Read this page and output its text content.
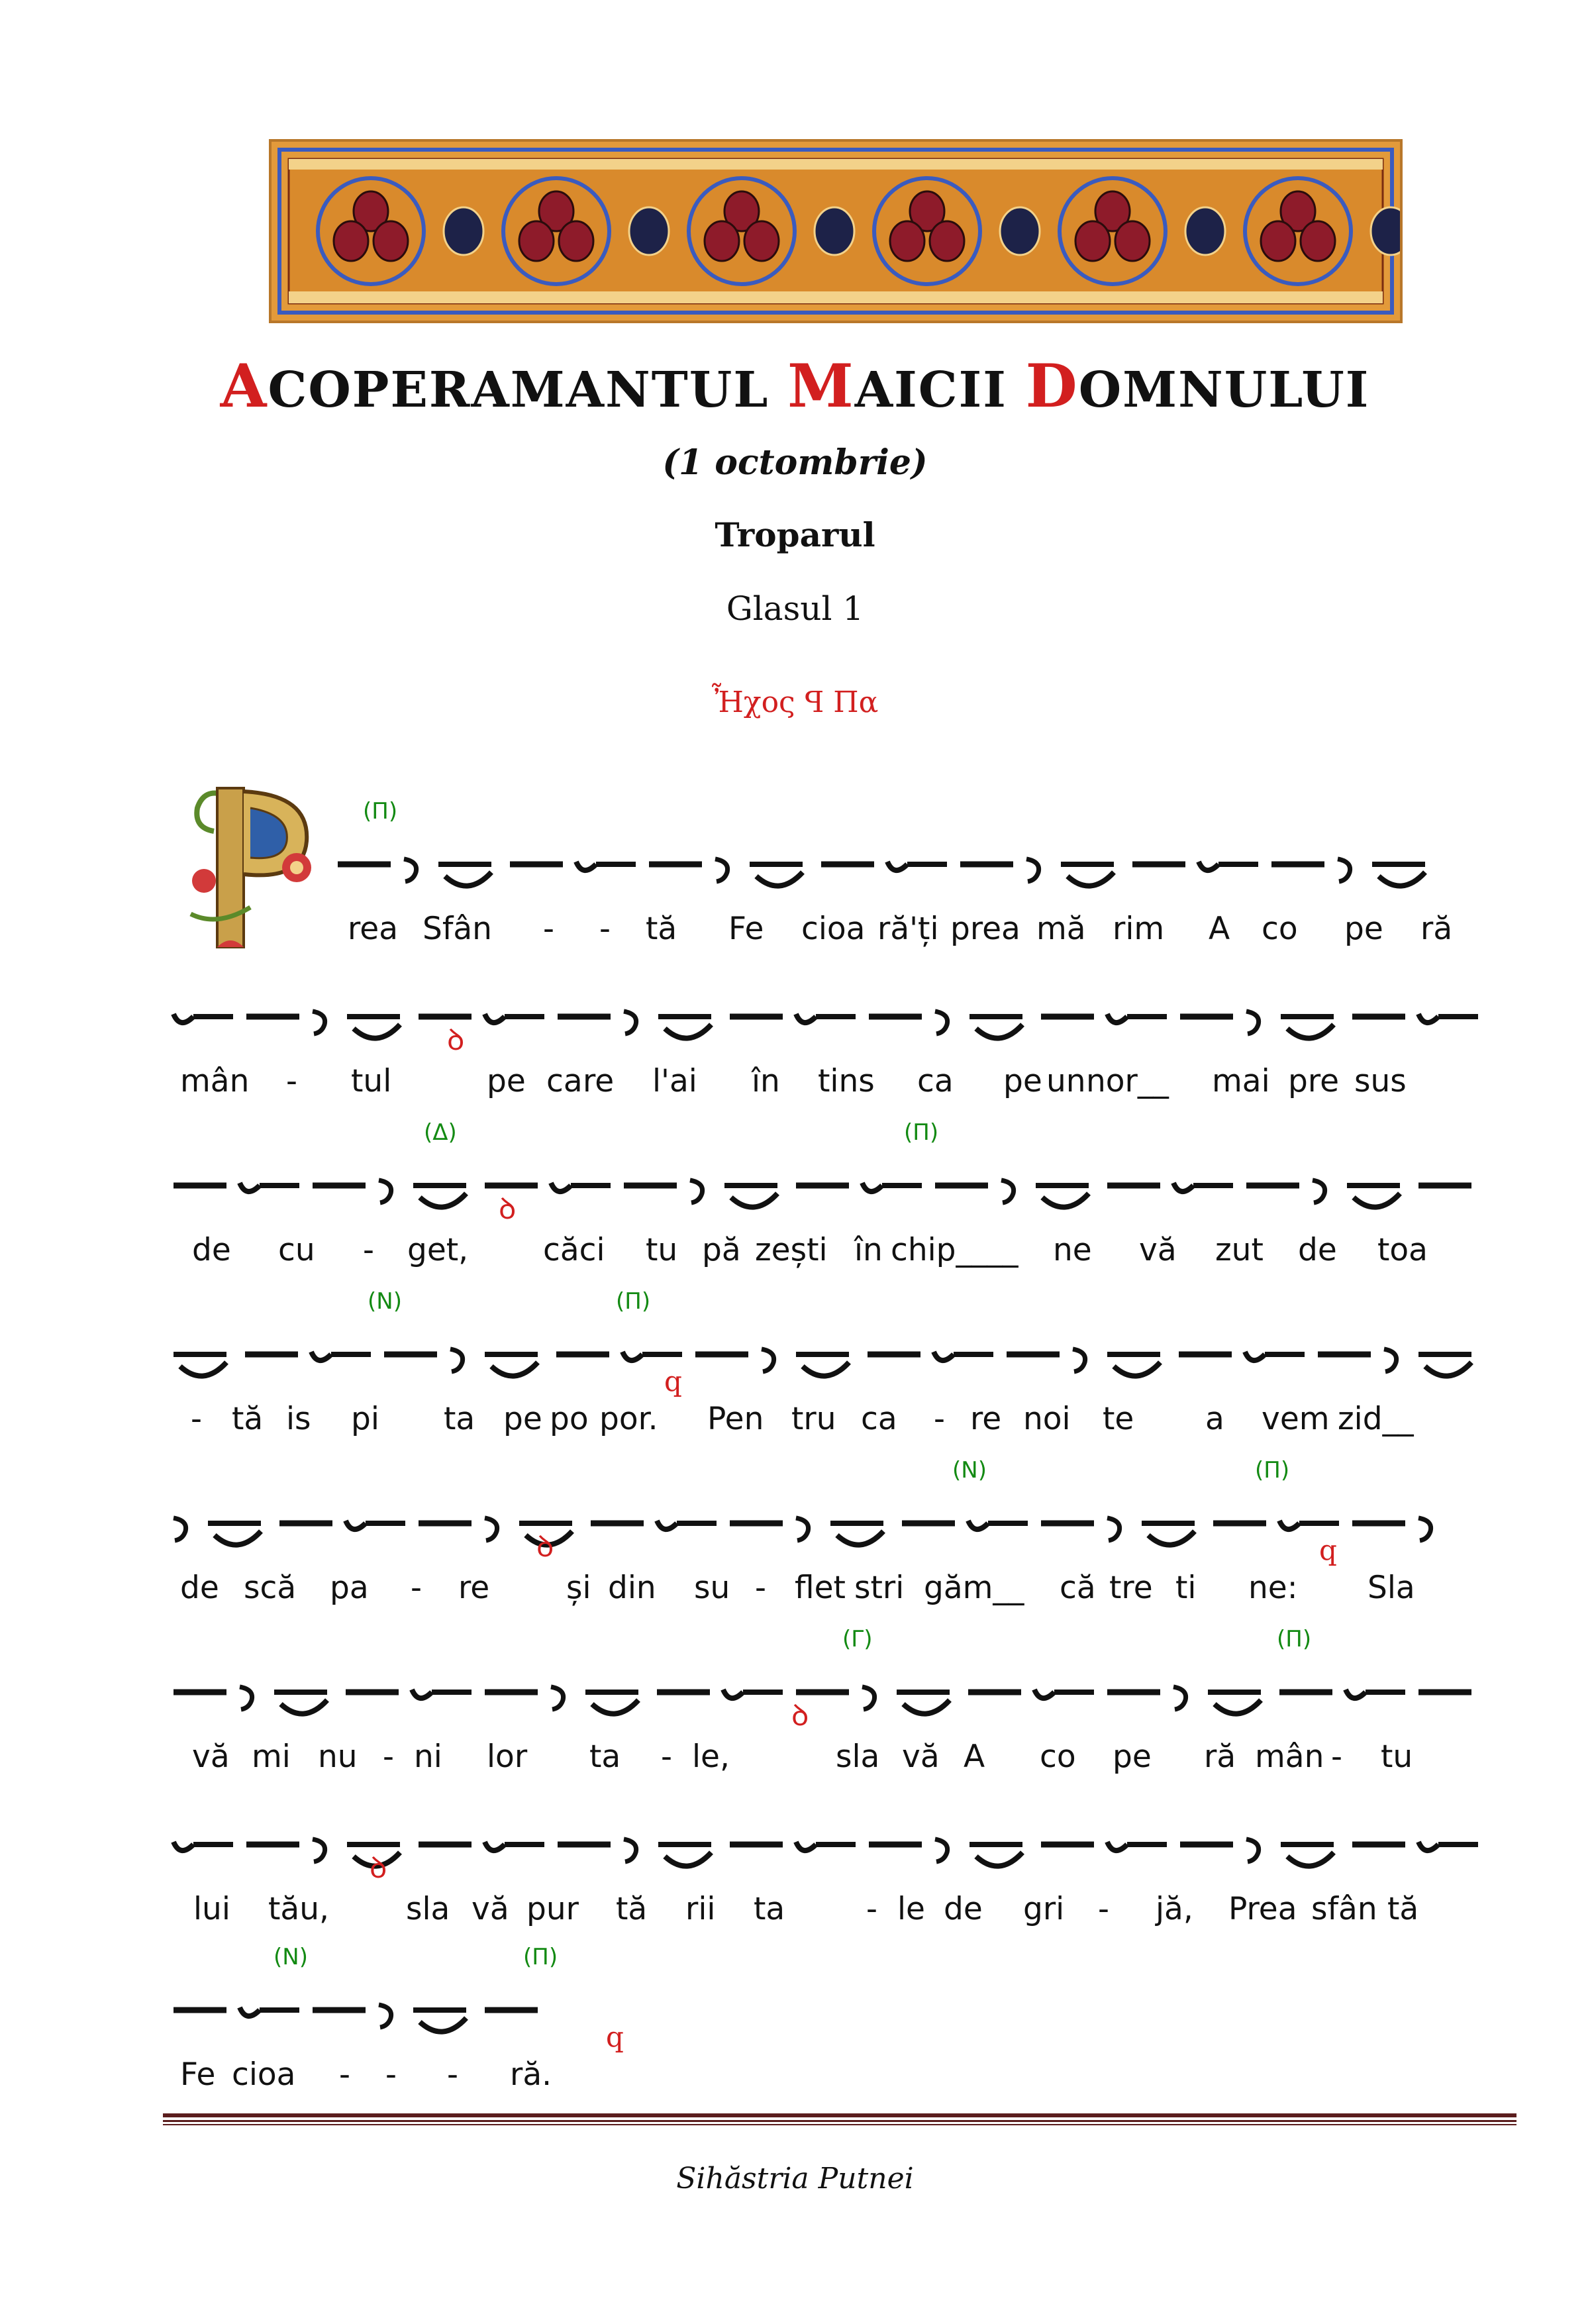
ACOPERAMANTUL MAICII DOMNULUI
(1 octombrie)
Troparul
Glasul 1
Ἦχος ꟼ Πα
(Π)
rea Sfân - - tă Fe cioa ră'ți prea mă rim A co pe ră
ꝺ
mân - tul	pe ca re l'ai în tins ca pe un nor__ mai pre sus
ꝺ
(Δ)	(Π)
de cu - get, căci tu pă zești în chip____ ne vă zut de toa
q
(Ν)	(Π)
- tă is pi ta pe po por. Pen tru ca - re noi te a vem zid__
ꝺ	q
(Ν)	(Π)
de scă pa - re și din su - flet stri găm__ că tre ti ne: Sla
ꝺ
(Γ)	(Π)
vă mi nu - ni lor ta - le,	sla vă A co pe ră mân - tu
ꝺ
lui tău, sla vă pur tă rii ta	- le de gri - jă, Prea sfân tă
q
(Ν)	(Π)
Fe cioa - - - ră.
Sihăstria Putnei
